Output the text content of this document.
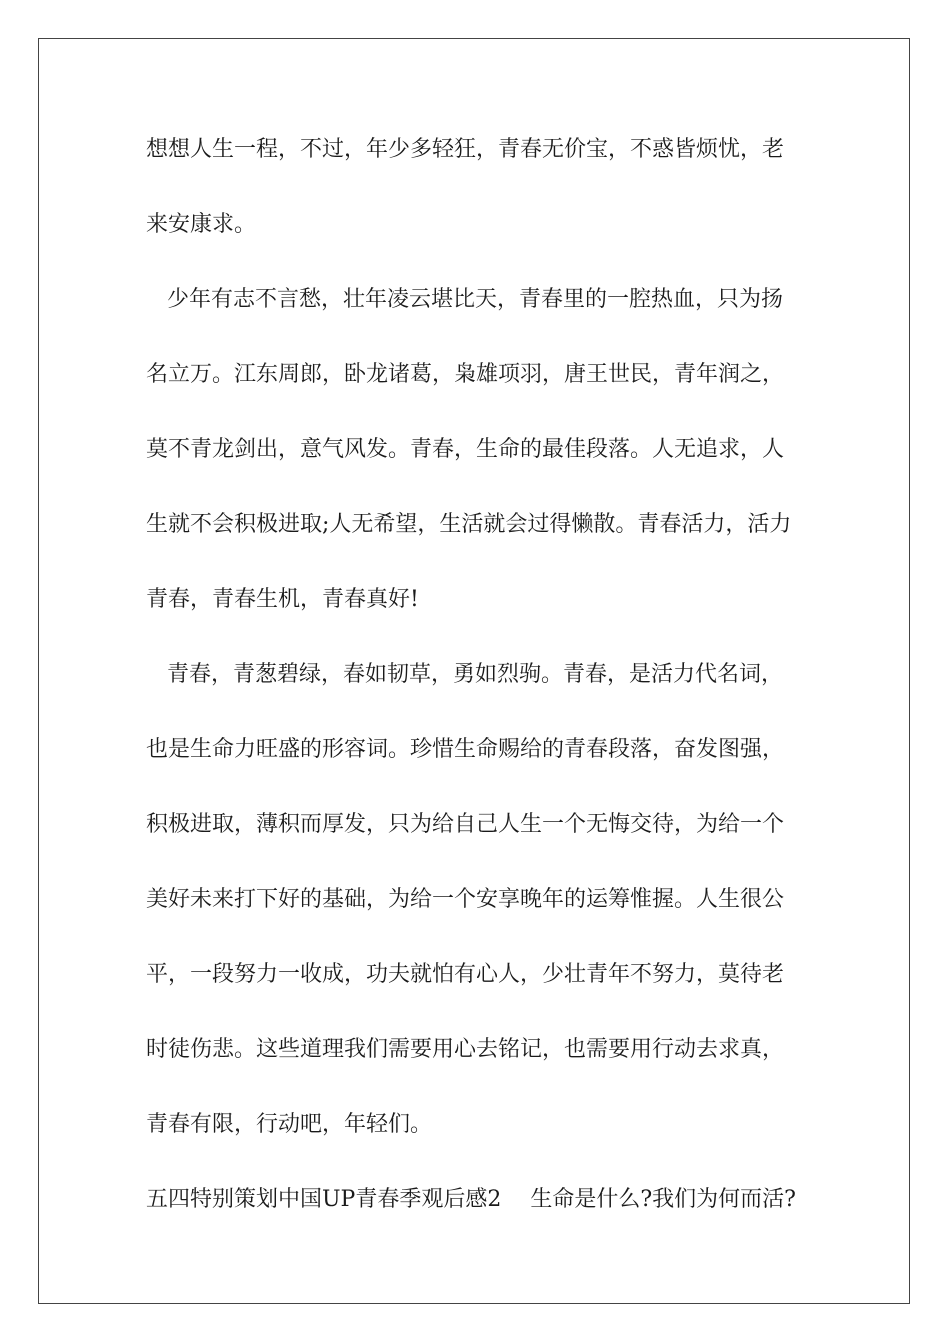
想想人生一程，不过，年少多轻狂，青春无价宝，不惑皆烦忧，老
来安康求。
少年有志不言愁，壮年凌云堪比天，青春里的一腔热血，只为扬
名立万。江东周郎，卧龙诸葛，枭雄项羽，唐王世民，青年润之，
莫不青龙剑出，意气风发。青春，生命的最佳段落。人无追求，人
生就不会积极进取;人无希望，生活就会过得懒散。青春活力，活力
青春，青春生机，青春真好!
青春，青葱碧绿，春如韧草，勇如烈驹。青春，是活力代名词，
也是生命力旺盛的形容词。珍惜生命赐给的青春段落，奋发图强，
积极进取，薄积而厚发，只为给自己人生一个无悔交待，为给一个
美好未来打下好的基础，为给一个安享晚年的运筹惟握。人生很公
平，一段努力一收成，功夫就怕有心人，少壮青年不努力，莫待老
时徒伤悲。这些道理我们需要用心去铭记，也需要用行动去求真，
青春有限，行动吧，年轻们。
五四特别策划中国UP青春季观后感2　 生命是什么?我们为何而活?
